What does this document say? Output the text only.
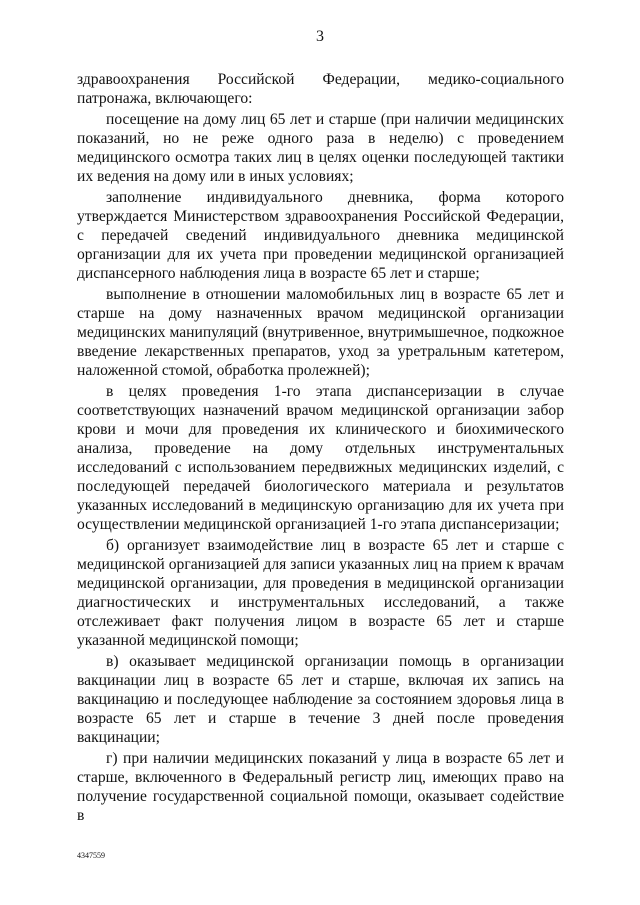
3

здравоохранения Российской Федерации, медико-социального патронажа, включающего:

посещение на дому лиц 65 лет и старше (при наличии медицинских показаний, но не реже одного раза в неделю) с проведением медицинского осмотра таких лиц в целях оценки последующей тактики их ведения на дому или в иных условиях;

заполнение индивидуального дневника, форма которого утверждается Министерством здравоохранения Российской Федерации, с передачей сведений индивидуального дневника медицинской организации для их учета при проведении медицинской организацией диспансерного наблюдения лица в возрасте 65 лет и старше;

выполнение в отношении маломобильных лиц в возрасте 65 лет и старше на дому назначенных врачом медицинской организации медицинских манипуляций (внутривенное, внутримышечное, подкожное введение лекарственных препаратов, уход за уретральным катетером, наложенной стомой, обработка пролежней);

в целях проведения 1-го этапа диспансеризации в случае соответствующих назначений врачом медицинской организации забор крови и мочи для проведения их клинического и биохимического анализа, проведение на дому отдельных инструментальных исследований с использованием передвижных медицинских изделий, с последующей передачей биологического материала и результатов указанных исследований в медицинскую организацию для их учета при осуществлении медицинской организацией 1-го этапа диспансеризации;

б) организует взаимодействие лиц в возрасте 65 лет и старше с медицинской организацией для записи указанных лиц на прием к врачам медицинской организации, для проведения в медицинской организации диагностических и инструментальных исследований, а также отслеживает факт получения лицом в возрасте 65 лет и старше указанной медицинской помощи;

в) оказывает медицинской организации помощь в организации вакцинации лиц в возрасте 65 лет и старше, включая их запись на вакцинацию и последующее наблюдение за состоянием здоровья лица в возрасте 65 лет и старше в течение 3 дней после проведения вакцинации;

г) при наличии медицинских показаний у лица в возрасте 65 лет и старше, включенного в Федеральный регистр лиц, имеющих право на получение государственной социальной помощи, оказывает содействие в

4347559
